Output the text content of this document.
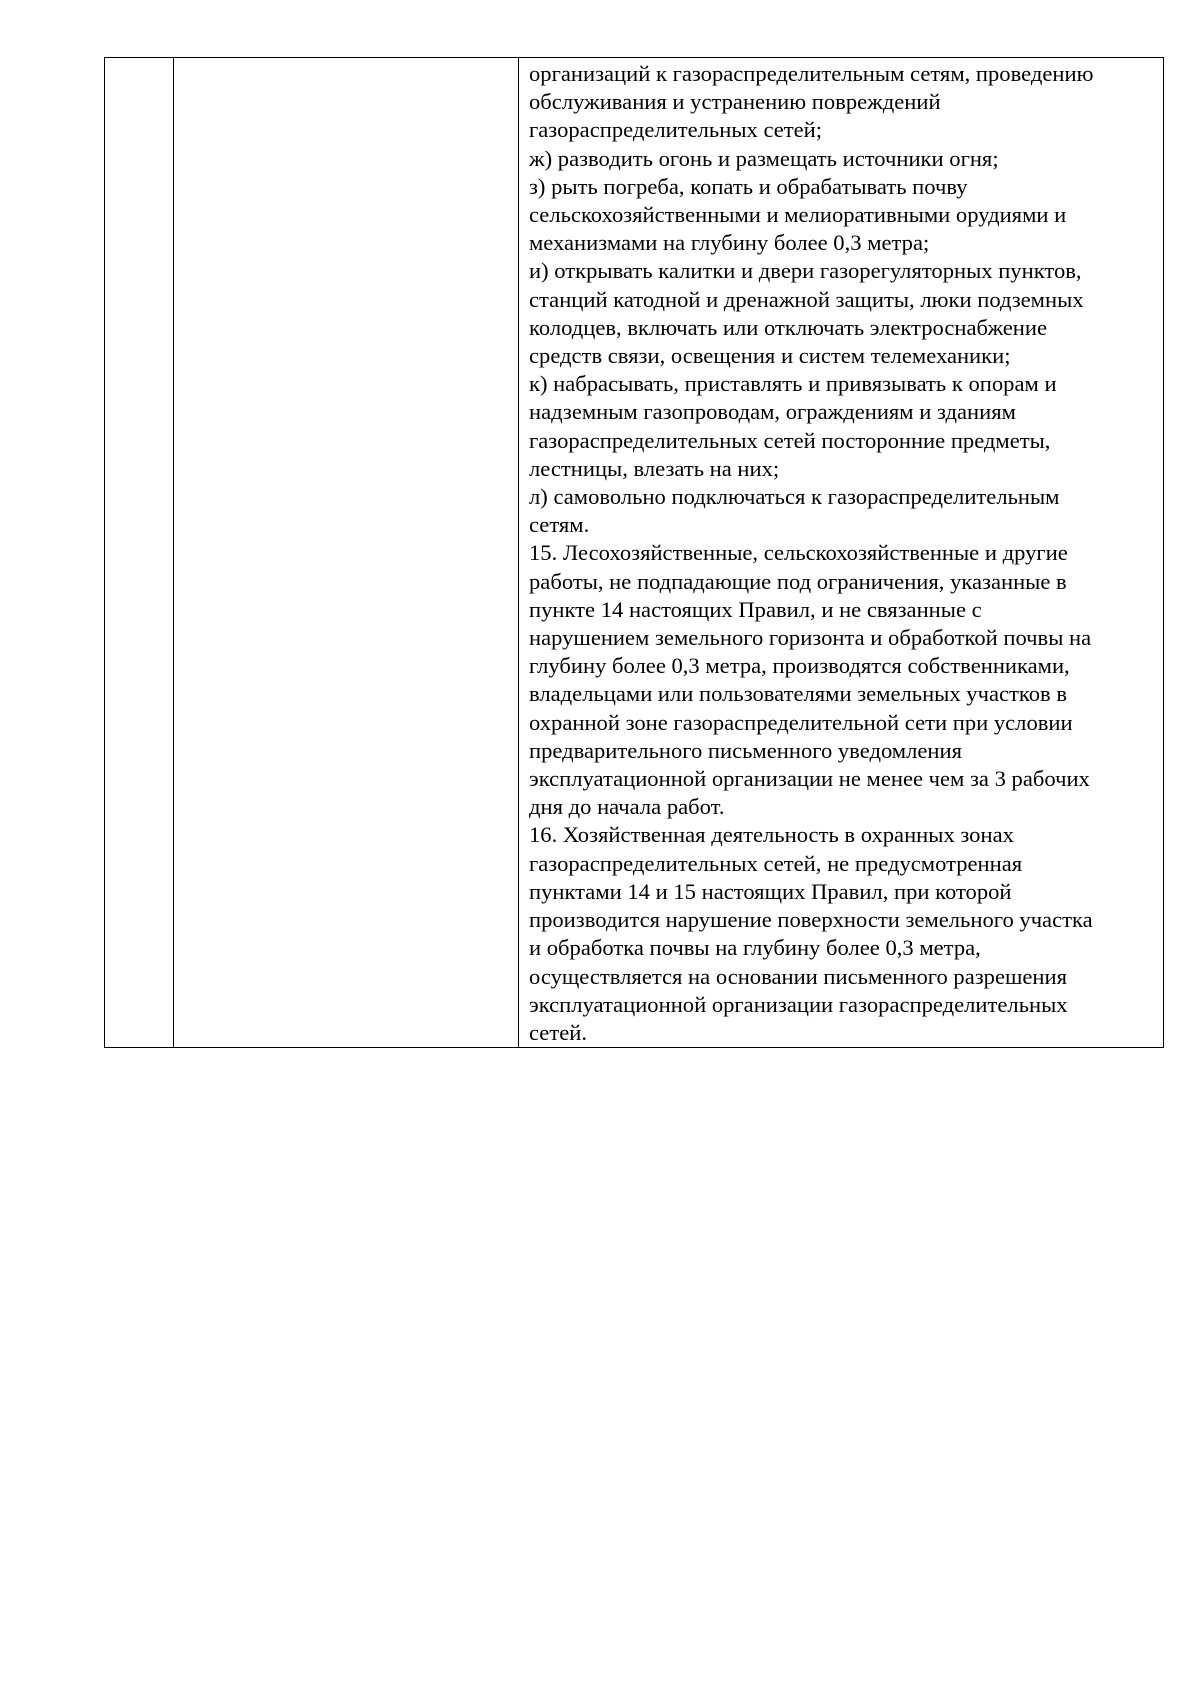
организаций к газораспределительным сетям, проведению

обслуживания и устранению повреждений

газораспределительных сетей;

ж) разводить огонь и размещать источники огня;

з) рыть погреба, копать и обрабатывать почву

сельскохозяйственными и мелиоративными орудиями и

механизмами на глубину более 0,3 метра;

и) открывать калитки и двери газорегуляторных пунктов,

станций катодной и дренажной защиты, люки подземных

колодцев, включать или отключать электроснабжение

средств связи, освещения и систем телемеханики;

к) набрасывать, приставлять и привязывать к опорам и

надземным газопроводам, ограждениям и зданиям

газораспределительных сетей посторонние предметы,

лестницы, влезать на них;

л) самовольно подключаться к газораспределительным

сетям.

15. Лесохозяйственные, сельскохозяйственные и другие

работы, не подпадающие под ограничения, указанные в

пункте 14 настоящих Правил, и не связанные с

нарушением земельного горизонта и обработкой почвы на

глубину более 0,3 метра, производятся собственниками,

владельцами или пользователями земельных участков в

охранной зоне газораспределительной сети при условии

предварительного письменного уведомления

эксплуатационной организации не менее чем за 3 рабочих

дня до начала работ.

16. Хозяйственная деятельность в охранных зонах

газораспределительных сетей, не предусмотренная

пунктами 14 и 15 настоящих Правил, при которой

производится нарушение поверхности земельного участка

и обработка почвы на глубину более 0,3 метра,

осуществляется на основании письменного разрешения

эксплуатационной организации газораспределительных

сетей.
